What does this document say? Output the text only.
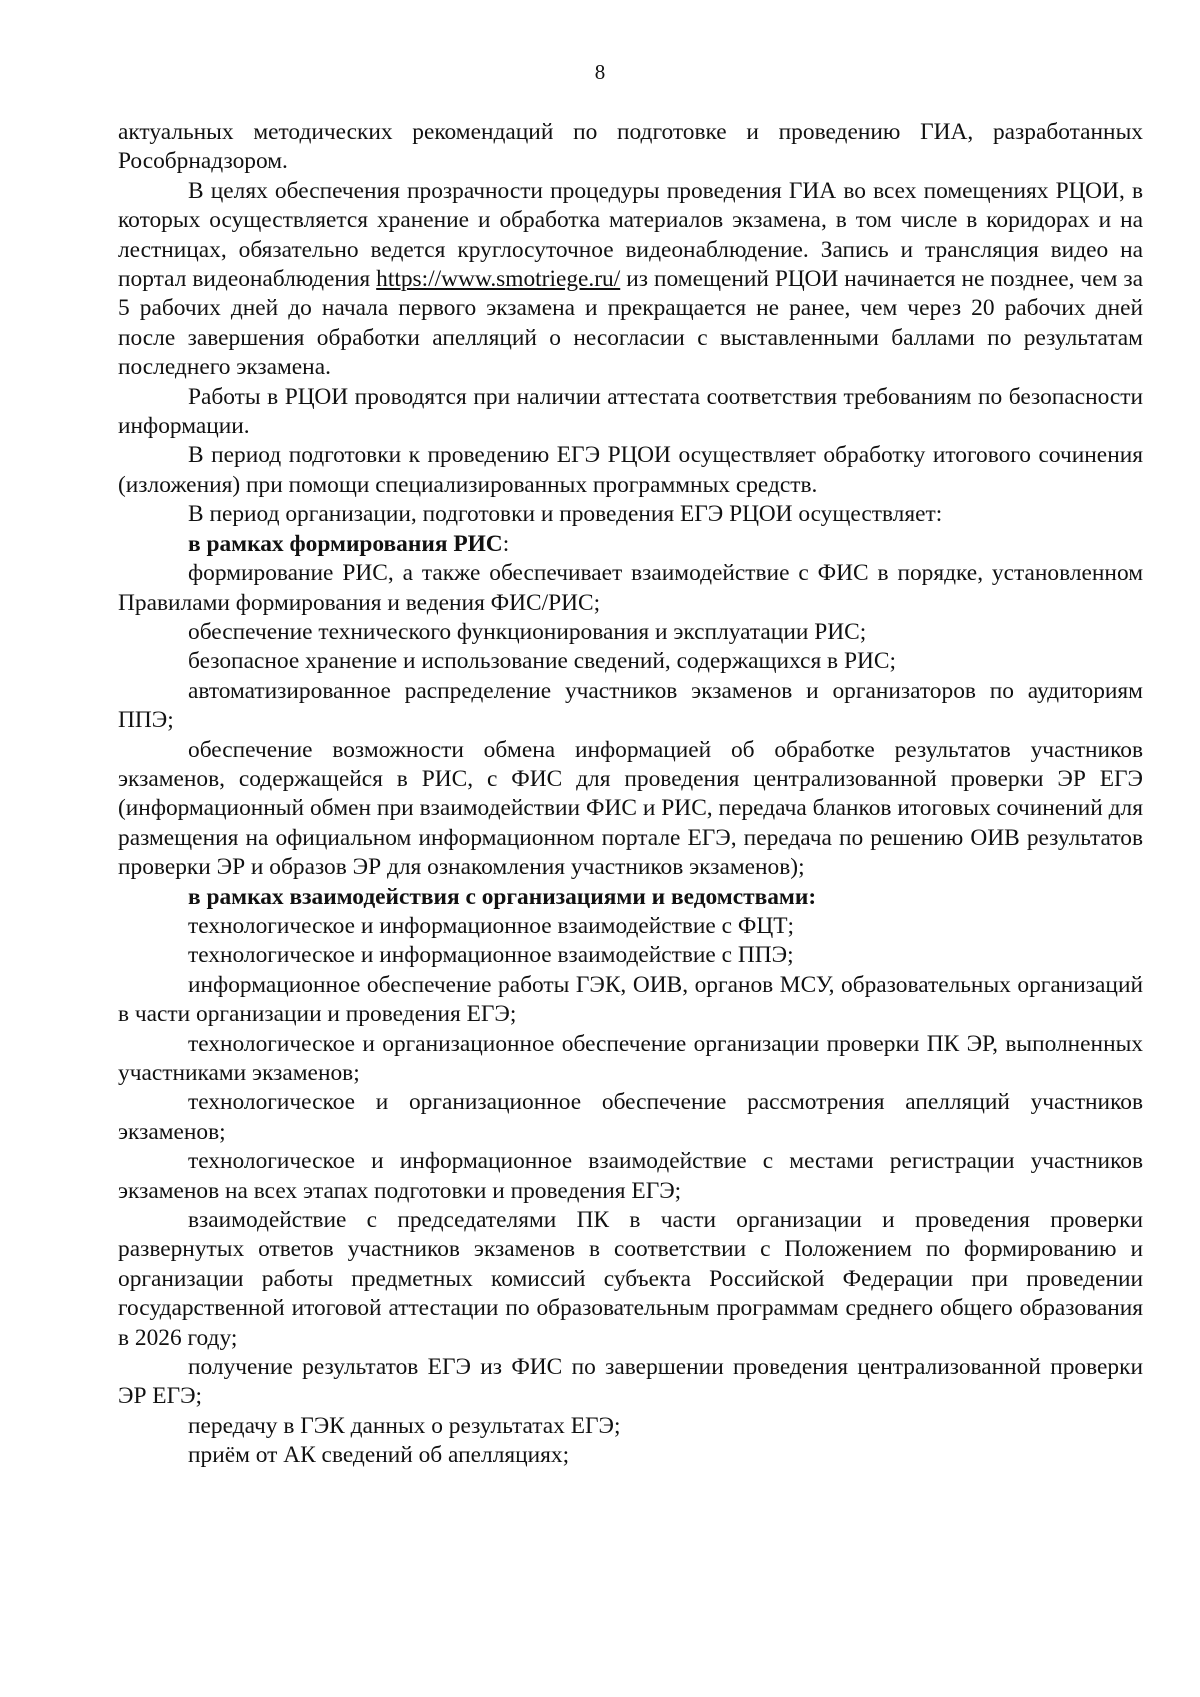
8

актуальных методических рекомендаций по подготовке и проведению ГИА, разработанных Рособрнадзором.

В целях обеспечения прозрачности процедуры проведения ГИА во всех помещениях РЦОИ, в которых осуществляется хранение и обработка материалов экзамена, в том числе в коридорах и на лестницах, обязательно ведется круглосуточное видеонаблюдение. Запись и трансляция видео на портал видеонаблюдения https://www.smotriege.ru/ из помещений РЦОИ начинается не позднее, чем за 5 рабочих дней до начала первого экзамена и прекращается не ранее, чем через 20 рабочих дней после завершения обработки апелляций о несогласии с выставленными баллами по результатам последнего экзамена.

Работы в РЦОИ проводятся при наличии аттестата соответствия требованиям по безопасности информации.

В период подготовки к проведению ЕГЭ РЦОИ осуществляет обработку итогового сочинения (изложения) при помощи специализированных программных средств.

В период организации, подготовки и проведения ЕГЭ РЦОИ осуществляет:

в рамках формирования РИС:

формирование РИС, а также обеспечивает взаимодействие с ФИС в порядке, установленном Правилами формирования и ведения ФИС/РИС;

обеспечение технического функционирования и эксплуатации РИС;

безопасное хранение и использование сведений, содержащихся в РИС;

автоматизированное распределение участников экзаменов и организаторов по аудиториям ППЭ;

обеспечение возможности обмена информацией об обработке результатов участников экзаменов, содержащейся в РИС, с ФИС для проведения централизованной проверки ЭР ЕГЭ (информационный обмен при взаимодействии ФИС и РИС, передача бланков итоговых сочинений для размещения на официальном информационном портале ЕГЭ, передача по решению ОИВ результатов проверки ЭР и образов ЭР для ознакомления участников экзаменов);

в рамках взаимодействия с организациями и ведомствами:

технологическое и информационное взаимодействие с ФЦТ;

технологическое и информационное взаимодействие с ППЭ;

информационное обеспечение работы ГЭК, ОИВ, органов МСУ, образовательных организаций в части организации и проведения ЕГЭ;

технологическое и организационное обеспечение организации проверки ПК ЭР, выполненных участниками экзаменов;

технологическое и организационное обеспечение рассмотрения апелляций участников экзаменов;

технологическое и информационное взаимодействие с местами регистрации участников экзаменов на всех этапах подготовки и проведения ЕГЭ;

взаимодействие с председателями ПК в части организации и проведения проверки развернутых ответов участников экзаменов в соответствии с Положением по формированию и организации работы предметных комиссий субъекта Российской Федерации при проведении государственной итоговой аттестации по образовательным программам среднего общего образования в 2026 году;

получение результатов ЕГЭ из ФИС по завершении проведения централизованной проверки ЭР ЕГЭ;

передачу в ГЭК данных о результатах ЕГЭ;

приём от АК сведений об апелляциях;
